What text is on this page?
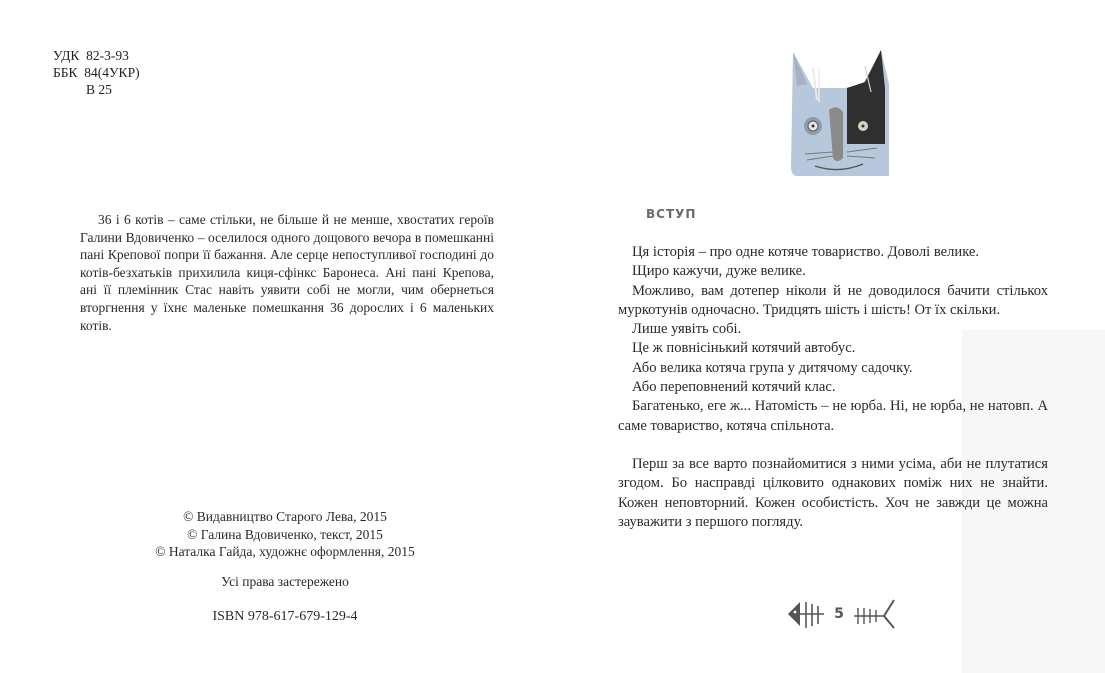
УДК  82-3-93
ББК  84(4УКР)
В 25

36 і 6 котів – саме стільки, не більше й не менше, хвостатих героїв Галини Вдовиченко – оселилося одного дощового вечора в помешканні пані Крепової попри її бажання. Але серце непоступливої господині до котів-безхатьків прихилила киця-сфінкс Баронеса. Ані пані Крепова, ані її племінник Стас навіть уявити собі не могли, чим обернеться вторгнення у їхнє маленьке помешкання 36 дорослих і 6 маленьких котів.

© Видавництво Старого Лева, 2015
© Галина Вдовиченко, текст, 2015
© Наталка Гайда, художнє оформлення, 2015
Усі права застережено
ISBN 978-617-679-129-4
ВСТУП

Ця історія – про одне котяче товариство. Доволі велике.

Щиро кажучи, дуже велике.

Можливо, вам дотепер ніколи й не доводилося бачити стількох муркотунів одночасно. Тридцять шість і шість! От їх скільки.

Лише уявіть собі.

Це ж повнісінький котячий автобус.

Або велика котяча група у дитячому садочку.

Або переповнений котячий клас.

Багатенько, еге ж... Натомість – не юрба. Ні, не юрба, не натовп. А саме товариство, котяча спільнота.

Перш за все варто познайомитися з ними усіма, аби не плутатися згодом. Бо насправді цілковито однакових поміж них не знайти. Кожен неповторний. Кожен особистість. Хоч не завжди це можна зауважити з першого погляду.

5
